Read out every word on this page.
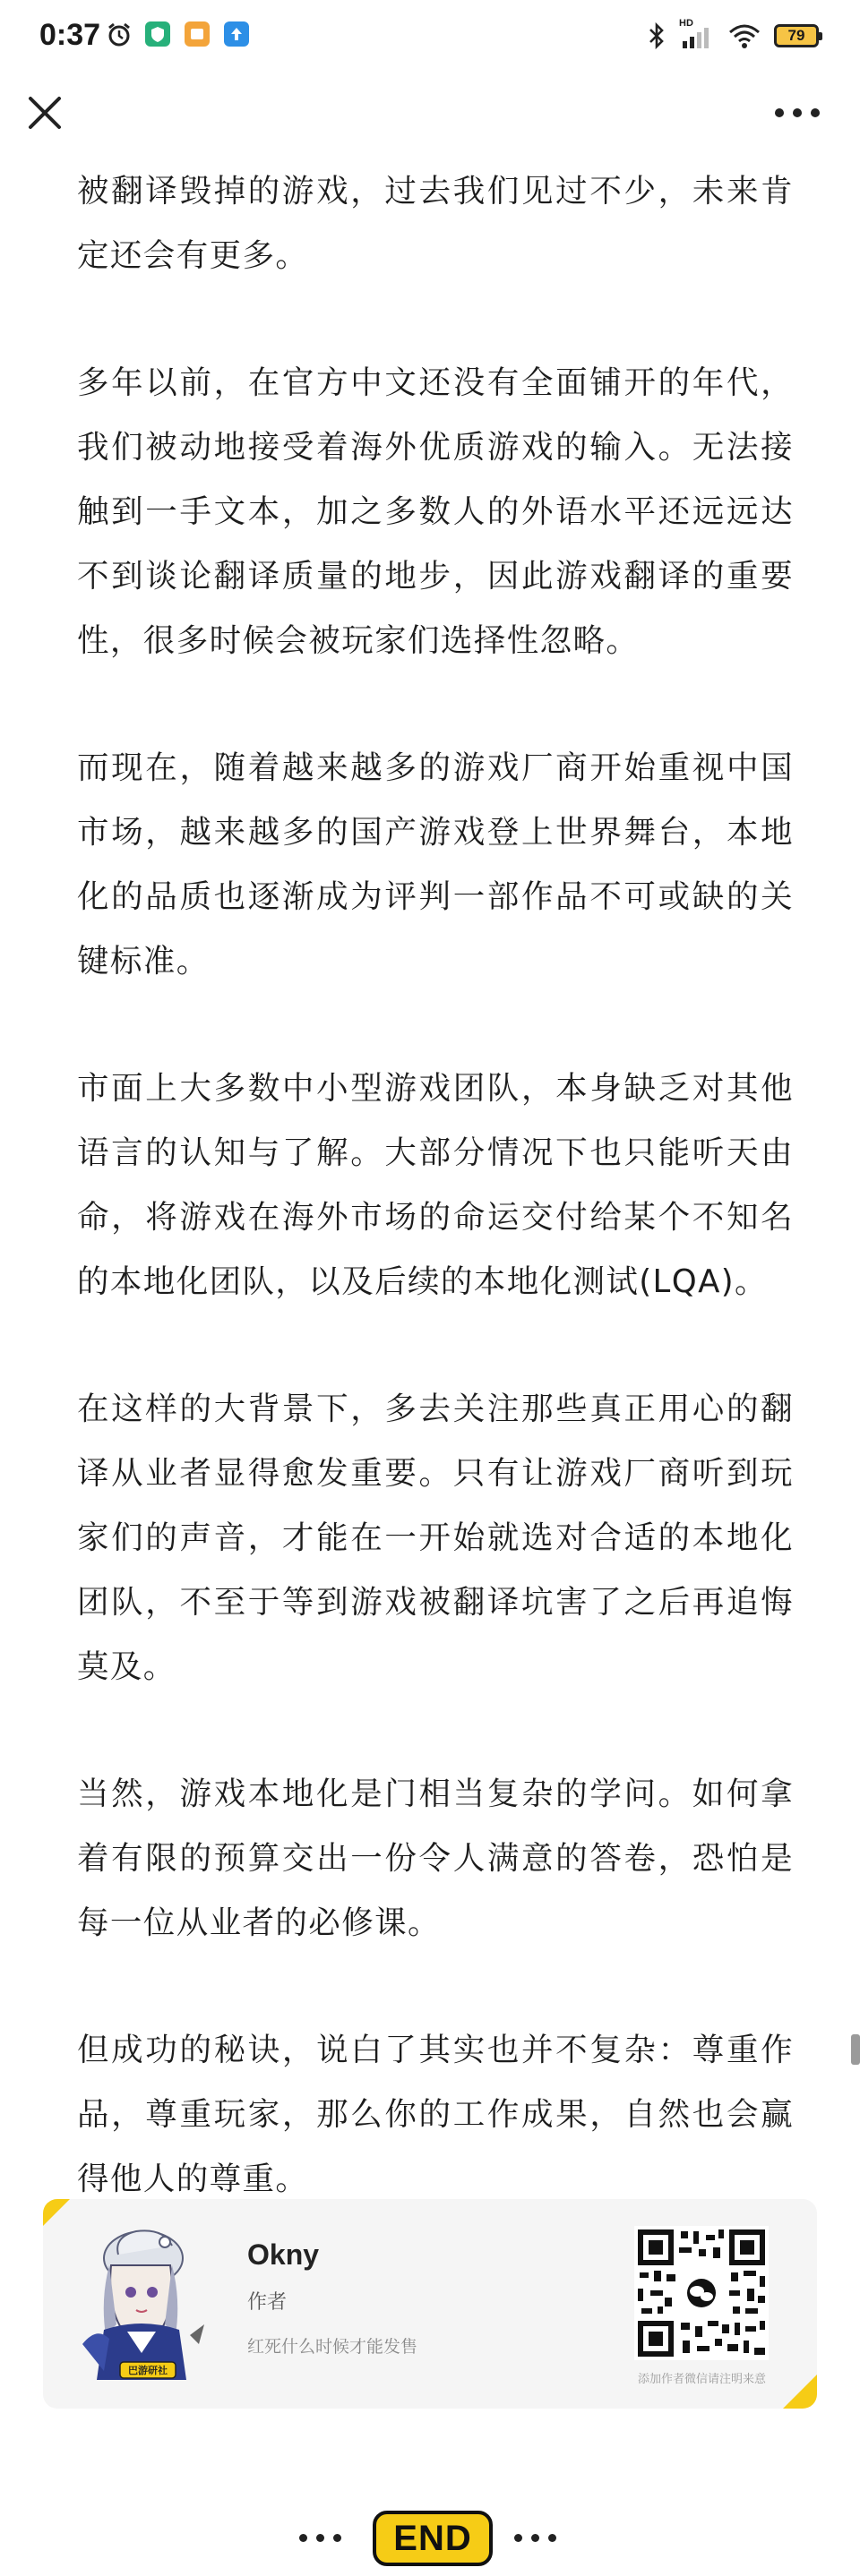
0:37	HD
79

被翻译毁掉的游戏，过去我们见过不少，未来肯定还会有更多。

多年以前，在官方中文还没有全面铺开的年代，我们被动地接受着海外优质游戏的输入。无法接触到一手文本，加之多数人的外语水平还远远达不到谈论翻译质量的地步，因此游戏翻译的重要性，很多时候会被玩家们选择性忽略。

而现在，随着越来越多的游戏厂商开始重视中国市场，越来越多的国产游戏登上世界舞台，本地化的品质也逐渐成为评判一部作品不可或缺的关键标准。

市面上大多数中小型游戏团队，本身缺乏对其他语言的认知与了解。大部分情况下也只能听天由命，将游戏在海外市场的命运交付给某个不知名的本地化团队，以及后续的本地化测试(LQA)。

在这样的大背景下，多去关注那些真正用心的翻译从业者显得愈发重要。只有让游戏厂商听到玩家们的声音，才能在一开始就选对合适的本地化团队，不至于等到游戏被翻译坑害了之后再追悔莫及。

当然，游戏本地化是门相当复杂的学问。如何拿着有限的预算交出一份令人满意的答卷，恐怕是每一位从业者的必修课。

但成功的秘诀，说白了其实也并不复杂：尊重作品，尊重玩家，那么你的工作成果，自然也会赢得他人的尊重。

巴游研社
Okny
作者
红死什么时候才能发售
添加作者微信请注明来意
END
